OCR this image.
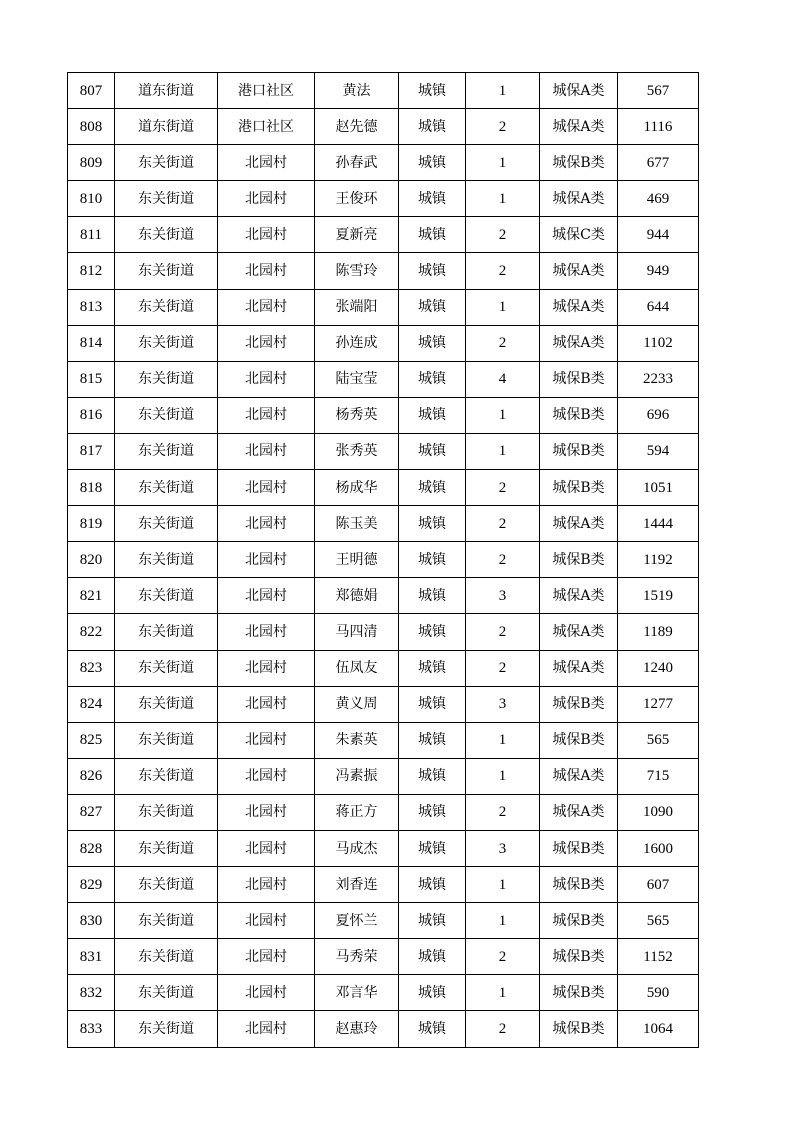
807	道东街道	港口社区	黄法	城镇	1	城保A类	567
808	道东街道	港口社区	赵先德	城镇	2	城保A类	1116
809	东关街道	北园村	孙春武	城镇	1	城保B类	677
810	东关街道	北园村	王俊环	城镇	1	城保A类	469
811	东关街道	北园村	夏新亮	城镇	2	城保C类	944
812	东关街道	北园村	陈雪玲	城镇	2	城保A类	949
813	东关街道	北园村	张端阳	城镇	1	城保A类	644
814	东关街道	北园村	孙连成	城镇	2	城保A类	1102
815	东关街道	北园村	陆宝莹	城镇	4	城保B类	2233
816	东关街道	北园村	杨秀英	城镇	1	城保B类	696
817	东关街道	北园村	张秀英	城镇	1	城保B类	594
818	东关街道	北园村	杨成华	城镇	2	城保B类	1051
819	东关街道	北园村	陈玉美	城镇	2	城保A类	1444
820	东关街道	北园村	王明德	城镇	2	城保B类	1192
821	东关街道	北园村	郑德娟	城镇	3	城保A类	1519
822	东关街道	北园村	马四清	城镇	2	城保A类	1189
823	东关街道	北园村	伍凤友	城镇	2	城保A类	1240
824	东关街道	北园村	黄义周	城镇	3	城保B类	1277
825	东关街道	北园村	朱素英	城镇	1	城保B类	565
826	东关街道	北园村	冯素振	城镇	1	城保A类	715
827	东关街道	北园村	蒋正方	城镇	2	城保A类	1090
828	东关街道	北园村	马成杰	城镇	3	城保B类	1600
829	东关街道	北园村	刘香连	城镇	1	城保B类	607
830	东关街道	北园村	夏怀兰	城镇	1	城保B类	565
831	东关街道	北园村	马秀荣	城镇	2	城保B类	1152
832	东关街道	北园村	邓言华	城镇	1	城保B类	590
833	东关街道	北园村	赵惠玲	城镇	2	城保B类	1064
